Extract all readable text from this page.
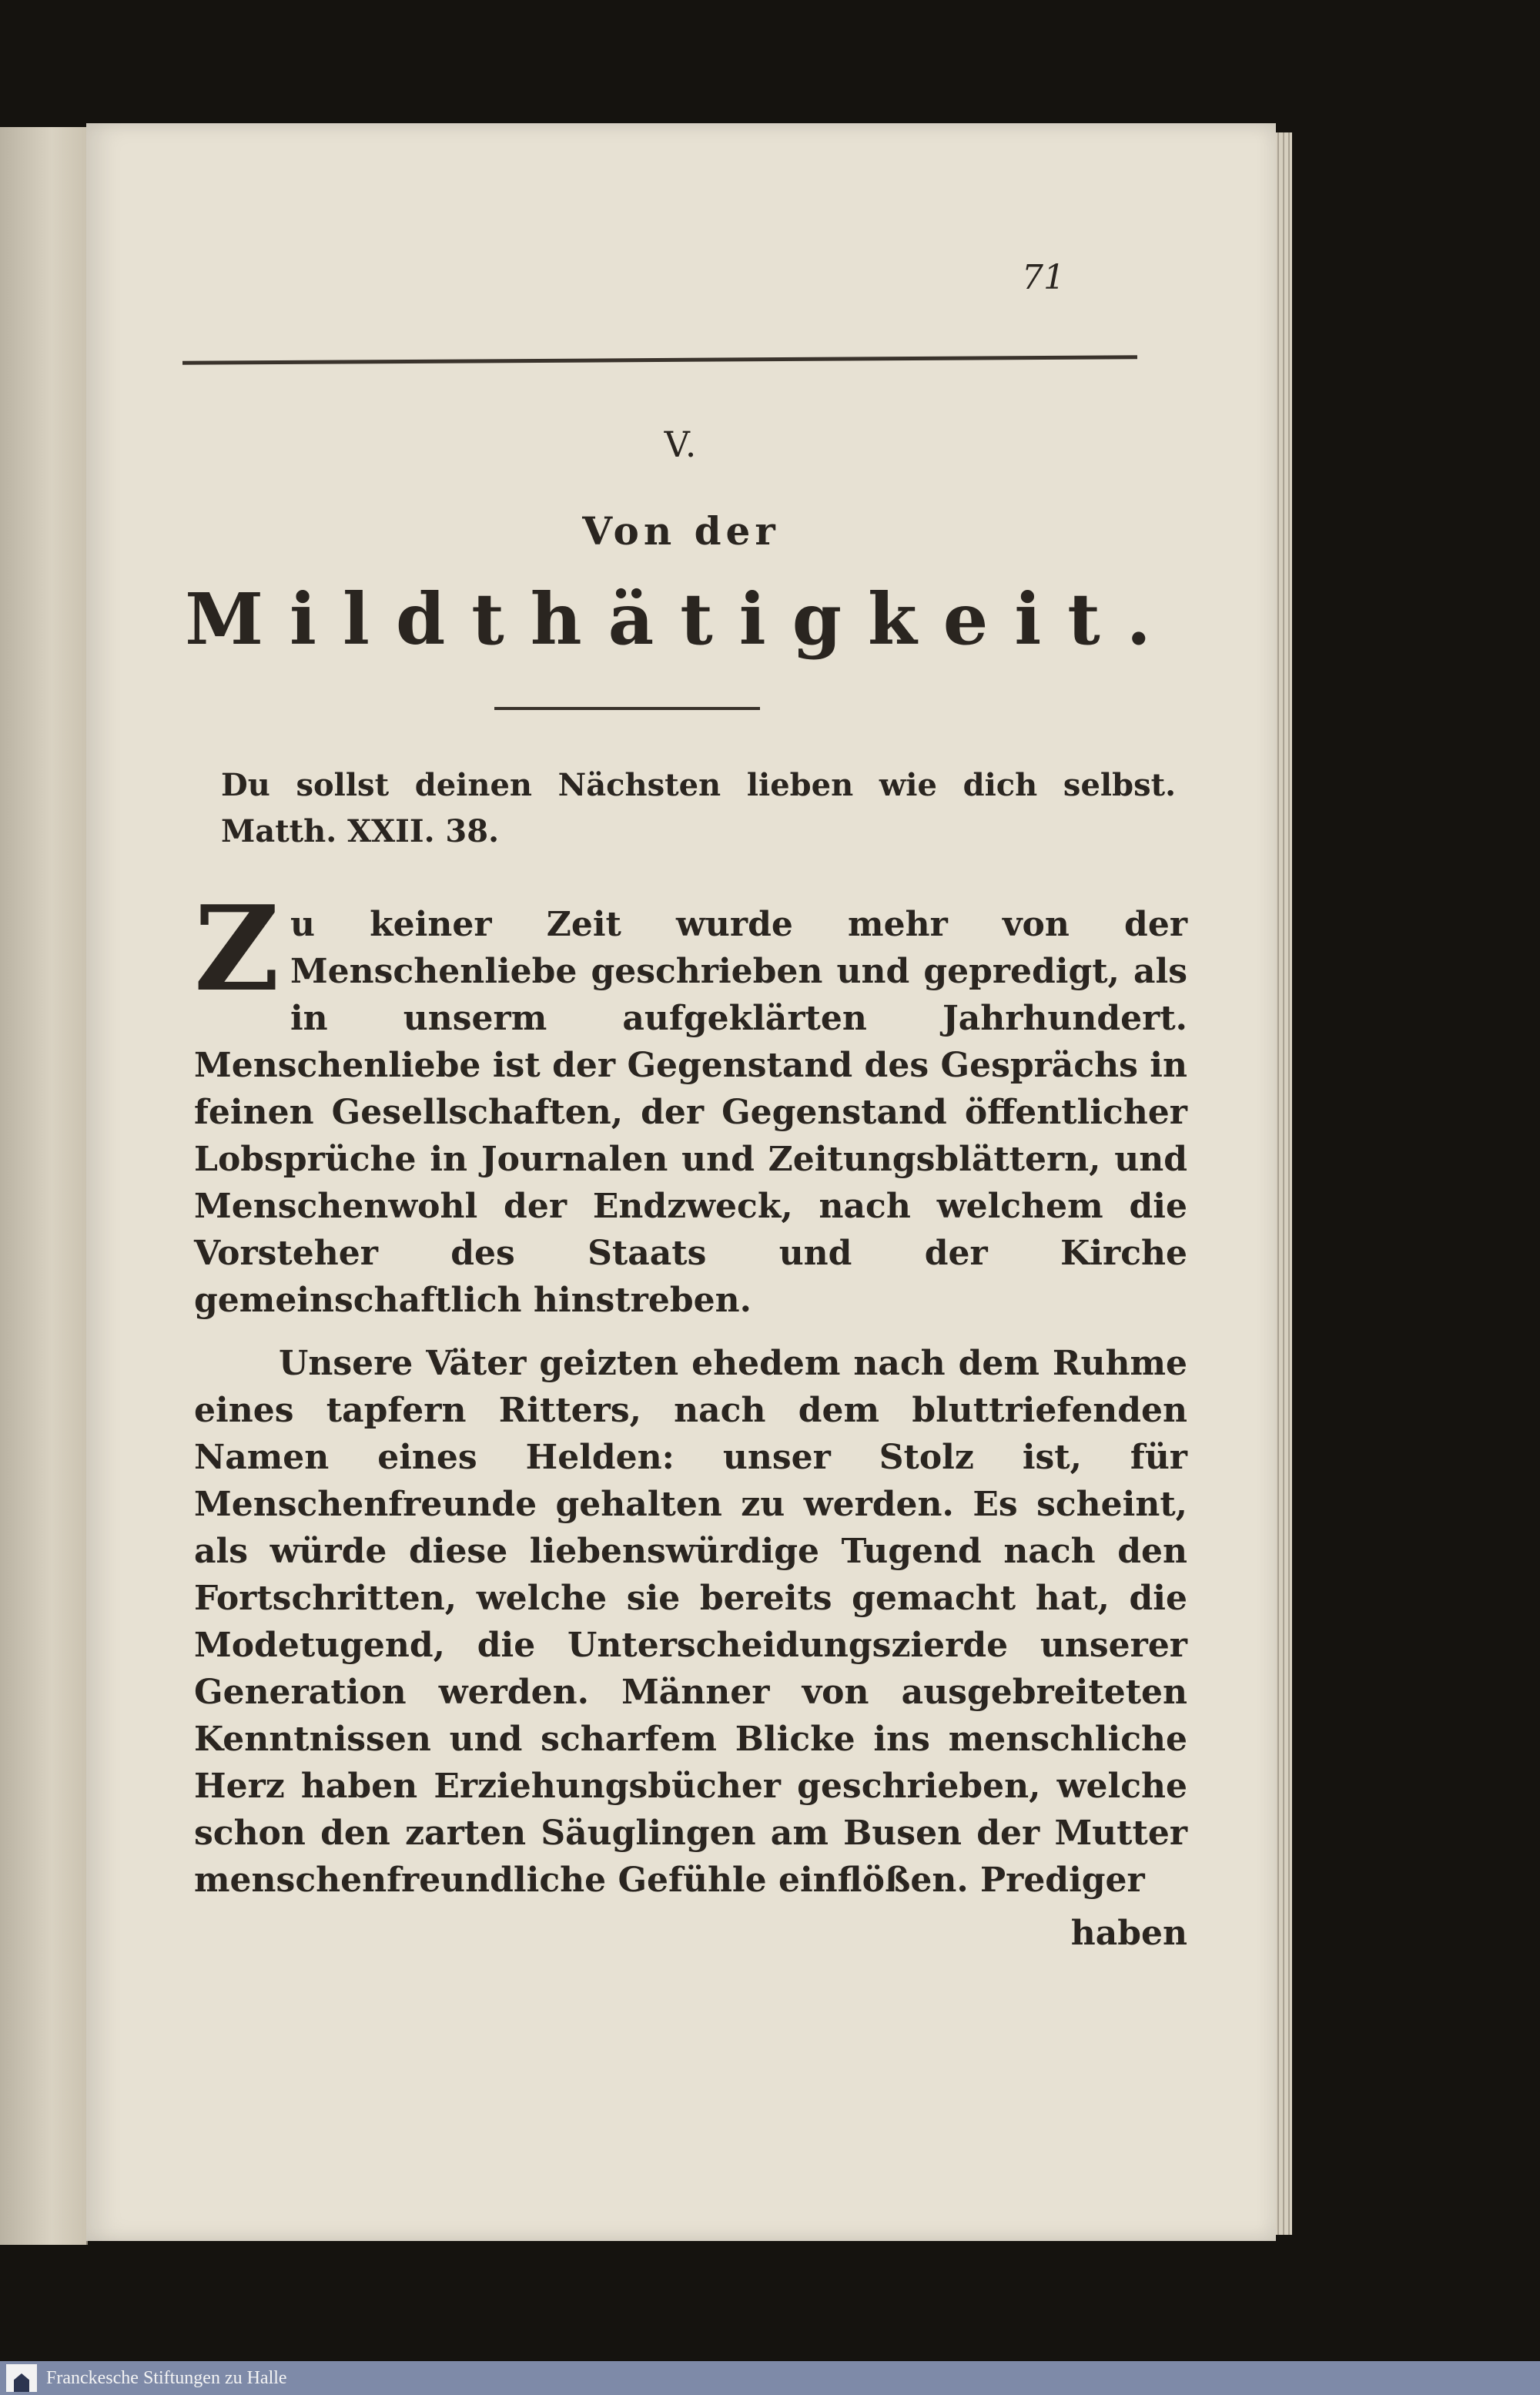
71
V.
Von der
Mildthätigkeit.
Du sollst deinen Nächsten lieben wie dich selbst. Matth. XXII. 38.
Zu keiner Zeit wurde mehr von der Menschenliebe geschrieben und gepredigt, als in unserm aufgeklärten Jahrhundert. Menschenliebe ist der Gegenstand des Gesprächs in feinen Gesellschaften, der Gegenstand öffentlicher Lobsprüche in Journalen und Zeitungsblättern, und Menschenwohl der Endzweck, nach welchem die Vorsteher des Staats und der Kirche gemeinschaftlich hinstreben.
Unsere Väter geizten ehedem nach dem Ruhme eines tapfern Ritters, nach dem bluttriefenden Namen eines Helden: unser Stolz ist, für Menschenfreunde gehalten zu werden. Es scheint, als würde diese liebenswürdige Tugend nach den Fortschritten, welche sie bereits gemacht hat, die Modetugend, die Unterscheidungszierde unserer Generation werden. Männer von ausgebreiteten Kenntnissen und scharfem Blicke ins menschliche Herz haben Erziehungsbücher geschrieben, welche schon den zarten Säuglingen am Busen der Mutter menschenfreundliche Gefühle einflößen. Prediger
haben
Franckesche Stiftungen zu Halle
